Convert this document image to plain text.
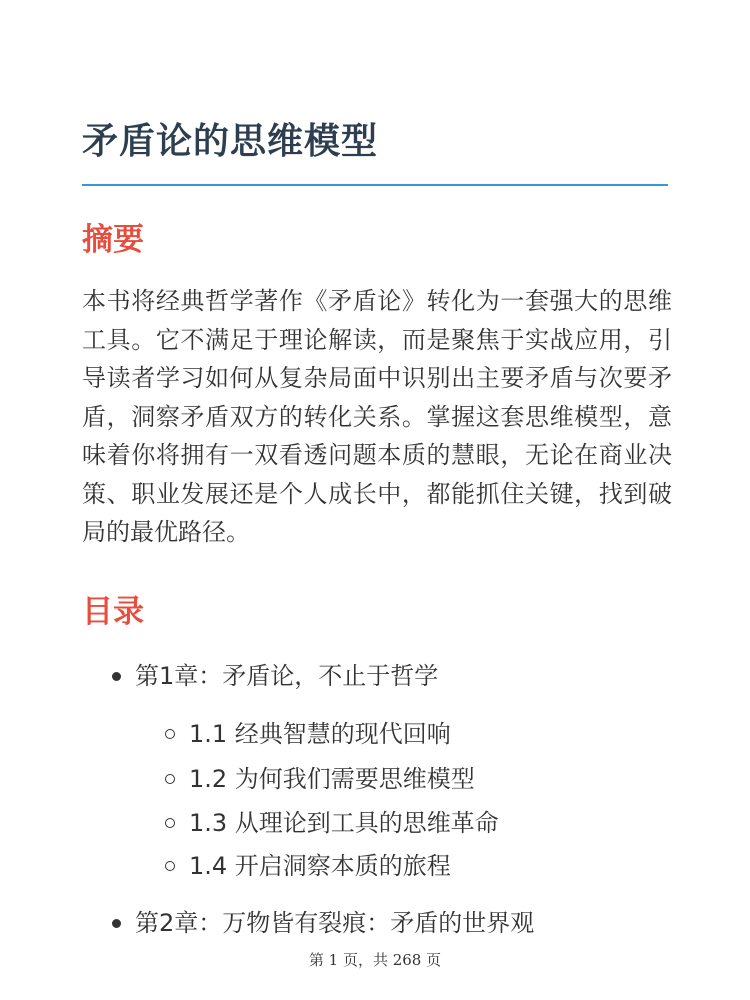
矛盾论的思维模型
摘要

本书将经典哲学著作《矛盾论》转化为一套强大的思维工具。它不满足于理论解读，而是聚焦于实战应用，引导读者学习如何从复杂局面中识别出主要矛盾与次要矛盾，洞察矛盾双方的转化关系。掌握这套思维模型，意味着你将拥有一双看透问题本质的慧眼，无论在商业决策、职业发展还是个人成长中，都能抓住关键，找到破局的最优路径。

目录
第1章：矛盾论，不止于哲学
1.1 经典智慧的现代回响
1.2 为何我们需要思维模型
1.3 从理论到工具的思维革命
1.4 开启洞察本质的旅程
第2章：万物皆有裂痕：矛盾的世界观
第 1 页，共 268 页
